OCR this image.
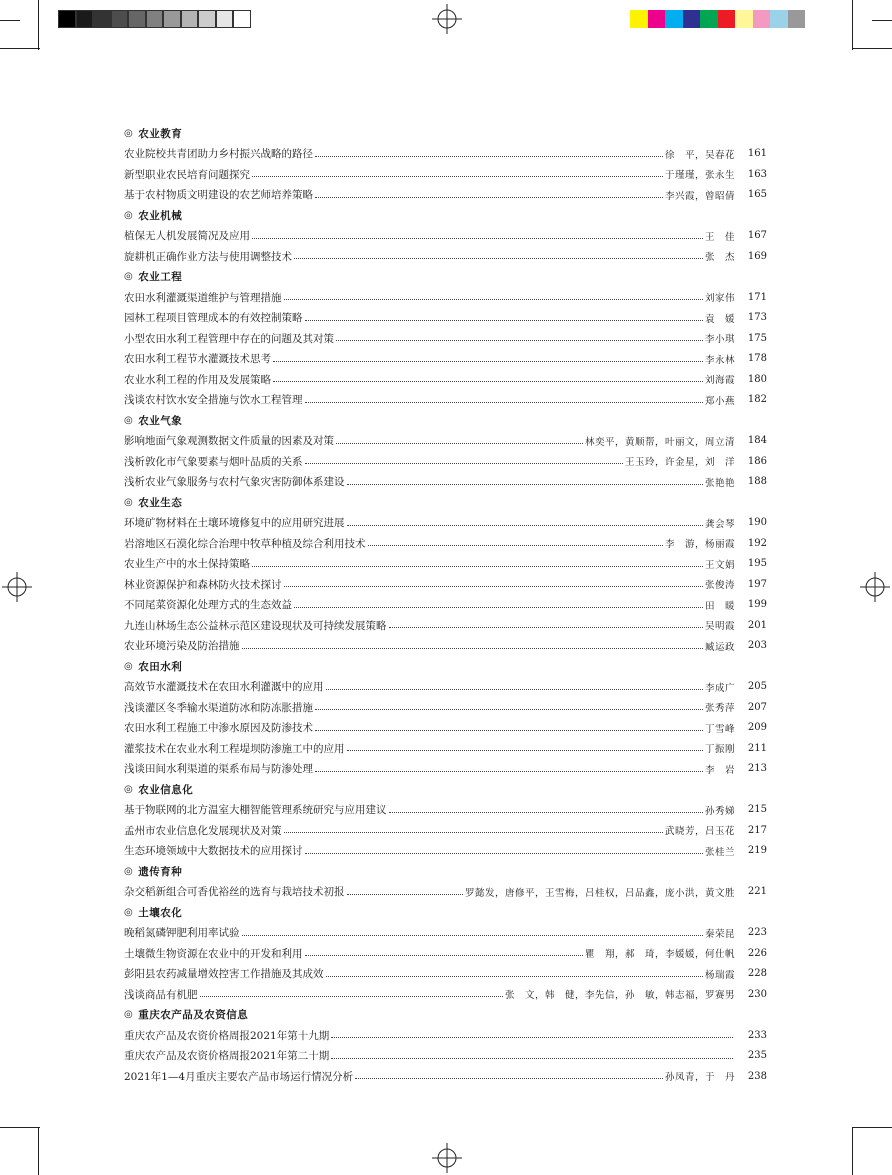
◎ 农业教育
农业院校共青团助力乡村振兴战略的路径	徐　平，吴春花	161
新型职业农民培育问题探究	于瑾瑾，张永生	163
基于农村物质文明建设的农艺师培养策略	李兴霞，曾昭倩	165
◎ 农业机械
植保无人机发展简况及应用	王　佳	167
旋耕机正确作业方法与使用调整技术	张　杰	169
◎ 农业工程
农田水利灌溉渠道维护与管理措施	刘家伟	171
园林工程项目管理成本的有效控制策略	袁　媛	173
小型农田水利工程管理中存在的问题及其对策	李小琪	175
农田水利工程节水灌溉技术思考	李永林	178
农业水利工程的作用及发展策略	刘海霞	180
浅谈农村饮水安全措施与饮水工程管理	郑小燕	182
◎ 农业气象
影响地面气象观测数据文件质量的因素及对策	林奕平，黄顺帮，叶丽文，周立清	184
浅析敦化市气象要素与烟叶品质的关系	王玉玲，许金星，刘　洋	186
浅析农业气象服务与农村气象灾害防御体系建设	张艳艳	188
◎ 农业生态
环境矿物材料在土壤环境修复中的应用研究进展	龚会琴	190
岩溶地区石漠化综合治理中牧草种植及综合利用技术	李　游，杨丽霞	192
农业生产中的水土保持策略	王文娟	195
林业资源保护和森林防火技术探讨	张俊涛	197
不同尾菜资源化处理方式的生态效益	田　暖	199
九连山林场生态公益林示范区建设现状及可持续发展策略	吴明霞	201
农业环境污染及防治措施	臧运政	203
◎ 农田水利
高效节水灌溉技术在农田水利灌溉中的应用	李成广	205
浅谈灌区冬季输水渠道防冰和防冻胀措施	张秀萍	207
农田水利工程施工中渗水原因及防渗技术	丁雪峰	209
灌浆技术在农业水利工程堤坝防渗施工中的应用	丁振刚	211
浅谈田间水利渠道的渠系布局与防渗处理	李　岩	213
◎ 农业信息化
基于物联网的北方温室大棚智能管理系统研究与应用建议	孙秀娣	215
孟州市农业信息化发展现状及对策	武晓芳，吕玉花	217
生态环境领域中大数据技术的应用探讨	张桂兰	219
◎ 遗传育种
杂交稻新组合可香优裕丝的选育与栽培技术初报	罗懿发，唐修平，王雪梅，吕桂权，吕品鑫，庞小洪，黄文胜	221
◎ 土壤农化
晚稻氮磷钾肥利用率试验	秦荣昆	223
土壤微生物资源在农业中的开发和利用	瞿　翔，郝　琦，李媛媛，何仕帆	226
彭阳县农药减量增效控害工作措施及其成效	杨瑞霞	228
浅谈商品有机肥	张　文，韩　健，李先信，孙　敏，韩志福，罗赛男	230
◎ 重庆农产品及农资信息
重庆农产品及农资价格周报2021年第十九期	233
重庆农产品及农资价格周报2021年第二十期	235
2021年1—4月重庆主要农产品市场运行情况分析	孙凤青，于　丹	238
